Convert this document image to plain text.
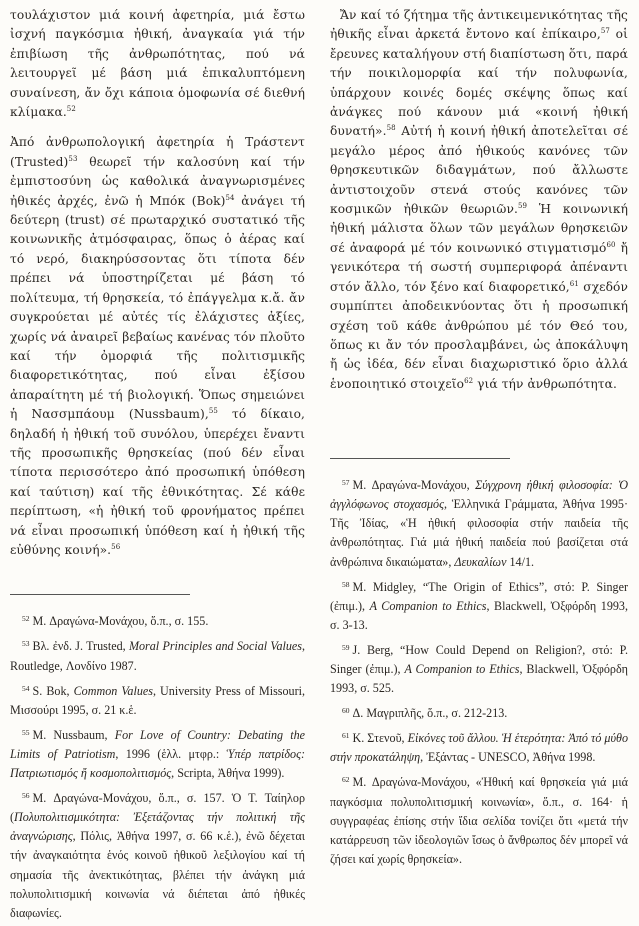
τουλάχιστον μιά κοινή ἀφετηρία, μιά ἔστω ἰσχνή παγκόσμια ἠθική, ἀναγκαία γιά τήν ἐπιβίωση τῆς ἀνθρωπότητας, πού νά λειτουργεῖ μέ βάση μιά ἐπικαλυπτόμενη συναίνεση, ἄν ὄχι κάποια ὁμοφωνία σέ διεθνή κλίμακα.$^{52}$

Ἀπό ἀνθρωπολογική ἀφετηρία ἡ Τράστεντ (Trusted)$^{53}$ θεωρεῖ τήν καλοσύνη καί τήν ἐμπιστοσύνη ὡς καθολικά ἀναγνωρισμένες ἠθικές ἀρχές, ἐνῶ ἡ Μπόκ (Bok)$^{54}$ ἀνάγει τή δεύτερη (trust) σέ πρωταρχικό συστατικό τῆς κοινωνικῆς ἀτμόσφαιρας, ὅπως ὁ ἀέρας καί τό νερό, διακηρύσσοντας ὅτι τίποτα δέν πρέπει νά ὑποστηρίζεται μέ βάση τό πολίτευμα, τή θρησκεία, τό ἐπάγγελμα κ.ἄ. ἄν συγκρούεται μέ αὐτές τίς ἐλάχιστες ἀξίες, χωρίς νά ἀναιρεῖ βεβαίως κανένας τόν πλοῦτο καί τήν ὀμορφιά τῆς πολιτισμικῆς διαφορετικότητας, πού εἶναι ἐξίσου ἀπαραίτητη μέ τή βιολογική. Ὅπως σημειώνει ἡ Νασσμπάουμ (Nussbaum),$^{55}$ τό δίκαιο, δηλαδή ἡ ἠθική τοῦ συνόλου, ὑπερέχει ἔναντι τῆς προσωπικῆς θρησκείας (πού δέν εἶναι τίποτα περισσότερο ἀπό προσωπική ὑπόθεση καί ταύτιση) καί τῆς ἐθνικότητας. Σέ κάθε περίπτωση, «ἡ ἠθική τοῦ φρονήματος πρέπει νά εἶναι προσωπική ὑπόθεση καί ἡ ἠθική τῆς εὐθύνης κοινή».$^{56}$

$^{52}$ M. Δραγώνα-Μονάχου, ὅ.π., σ. 155.

$^{53}$ Βλ. ἐνδ. J. Trusted, Moral Principles and Social Values, Routledge, Λονδίνο 1987.

$^{54}$ S. Bok, Common Values, University Press of Missouri, Μισσούρι 1995, σ. 21 κ.ἑ.

$^{55}$ M. Nussbaum, For Love of Country: Debating the Limits of Patriotism, 1996 (ἑλλ. μτφρ.: Ὑπέρ πατρίδος: Πατριωτισμός ἤ κοσμοπολιτισμός, Scripta, Ἀθήνα 1999).

$^{56}$ M. Δραγώνα-Μονάχου, ὅ.π., σ. 157. Ὁ Τ. Ταίηλορ (Πολυπολιτισμικότητα: Ἐξετάζοντας τήν πολιτική τῆς ἀναγνώρισης, Πόλις, Ἀθήνα 1997, σ. 66 κ.ἑ.), ἐνῶ δέχεται τήν ἀναγκαιότητα ἑνός κοινοῦ ἠθικοῦ λεξιλογίου καί τή σημασία τῆς ἀνεκτικότητας, βλέπει τήν ἀνάγκη μιά πολυπολιτισμική κοινωνία νά διέπεται ἀπό ἠθικές διαφωνίες.

Ἄν καί τό ζήτημα τῆς ἀντικειμενικότητας τῆς ἠθικῆς εἶναι ἀρκετά ἔντονο καί ἐπίκαιρο,$^{57}$ οἱ ἔρευνες καταλήγουν στή διαπίστωση ὅτι, παρά τήν ποικιλομορφία καί τήν πολυφωνία, ὑπάρχουν κοινές δομές σκέψης ὅπως καί ἀνάγκες πού κάνουν μιά «κοινή ἠθική δυνατή».$^{58}$ Αὐτή ἡ κοινή ἠθική ἀποτελεῖται σέ μεγάλο μέρος ἀπό ἠθικούς κανόνες τῶν θρησκευτικῶν διδαγμάτων, πού ἄλλωστε ἀντιστοιχοῦν στενά στούς κανόνες τῶν κοσμικῶν ἠθικῶν θεωριῶν.$^{59}$ Ἡ κοινωνική ἠθική μάλιστα ὅλων τῶν μεγάλων θρησκειῶν σέ ἀναφορά μέ τόν κοινωνικό στιγματισμό$^{60}$ ἤ γενικότερα τή σωστή συμπεριφορά ἀπέναντι στόν ἄλλο, τόν ξένο καί διαφορετικό,$^{61}$ σχεδόν συμπίπτει ἀποδεικνύοντας ὅτι ἡ προσωπική σχέση τοῦ κάθε ἀνθρώπου μέ τόν Θεό του, ὅπως κι ἄν τόν προσλαμβάνει, ὡς ἀποκάλυψη ἤ ὡς ἰδέα, δέν εἶναι διαχωριστικό ὅριο ἀλλά ἑνοποιητικό στοιχεῖο$^{62}$ γιά τήν ἀνθρωπότητα.

$^{57}$ M. Δραγώνα-Μονάχου, Σύγχρονη ἠθική φιλοσοφία: Ὁ ἀγγλόφωνος στοχασμός, Ἑλληνικά Γράμματα, Ἀθήνα 1995· Τῆς Ἰδίας, «Ἡ ἠθική φιλοσοφία στήν παιδεία τῆς ἀνθρωπότητας. Γιά μιά ἠθική παιδεία πού βασίζεται στά ἀνθρώπινα δικαιώματα», Δευκαλίων 14/1.

$^{58}$ M. Midgley, “The Origin of Ethics”, στό: P. Singer (ἐπιμ.), A Companion to Ethics, Blackwell, Ὀξφόρδη 1993, σ. 3-13.

$^{59}$ J. Berg, “How Could Depend on Religion?, στό: P. Singer (ἐπιμ.), A Companion to Ethics, Blackwell, Ὀξφόρδη 1993, σ. 525.

$^{60}$ Δ. Μαγριπλῆς, ὅ.π., σ. 212-213.

$^{61}$ Κ. Στενοῦ, Εἰκόνες τοῦ ἄλλου. Ἡ ἑτερότητα: Ἀπό τό μύθο στήν προκατάληψη, Ἐξάντας - UNESCO, Ἀθήνα 1998.

$^{62}$ M. Δραγώνα-Μονάχου, «Ἠθική καί θρησκεία γιά μιά παγκόσμια πολυπολιτισμική κοινωνία», ὅ.π., σ. 164· ἡ συγγραφέας ἐπίσης στήν ἴδια σελίδα τονίζει ὅτι «μετά τήν κατάρρευση τῶν ἰδεολογιῶν ἴσως ὁ ἄνθρωπος δέν μπορεῖ νά ζήσει καί χωρίς θρησκεία».
